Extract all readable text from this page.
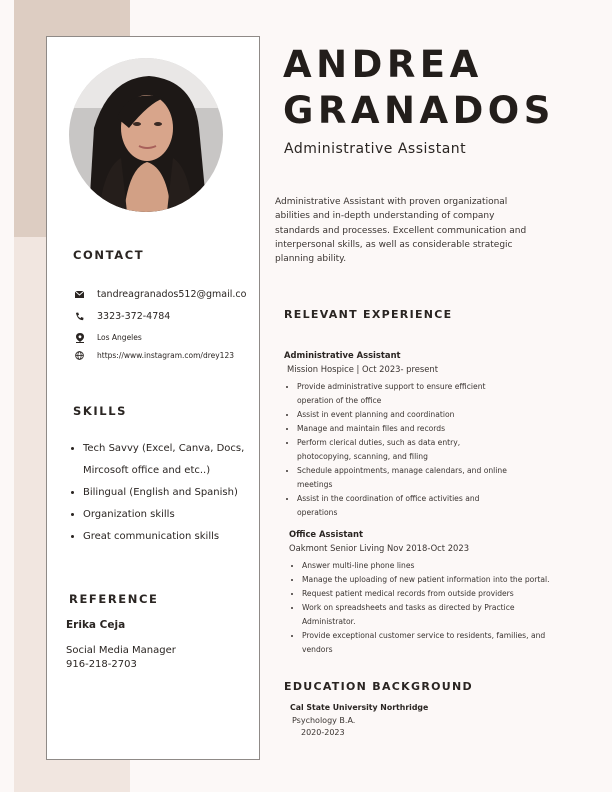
CONTACT
tandreagranados512@gmail.co
3323-372-4784
Los Angeles
https://www.instagram.com/drey123
SKILLS
• Tech Savvy (Excel, Canva, Docs, Mircosoft office and etc..)
• Bilingual (English and Spanish)
• Organization skills
• Great communication skills
REFERENCE
Erika Ceja
Social Media Manager
916-218-2703
ANDREA
GRANADOS
Administrative Assistant
Administrative Assistant with proven organizational abilities and in-depth understanding of company standards and processes. Excellent communication and interpersonal skills, as well as considerable strategic planning ability.
RELEVANT EXPERIENCE
Administrative Assistant
Mission Hospice | Oct 2023- present
• Provide administrative support to ensure efficient operation of the office
• Assist in event planning and coordination
• Manage and maintain files and records
• Perform clerical duties, such as data entry, photocopying, scanning, and filing
• Schedule appointments, manage calendars, and online meetings
• Assist in the coordination of office activities and operations
Office Assistant
Oakmont Senior Living Nov 2018-Oct 2023
• Answer multi-line phone lines
• Manage the uploading of new patient information into the portal.
• Request patient medical records from outside providers
• Work on spreadsheets and tasks as directed by Practice Administrator.
• Provide exceptional customer service to residents, families, and vendors
EDUCATION BACKGROUND
Cal State University Northridge
Psychology B.A.
2020-2023
